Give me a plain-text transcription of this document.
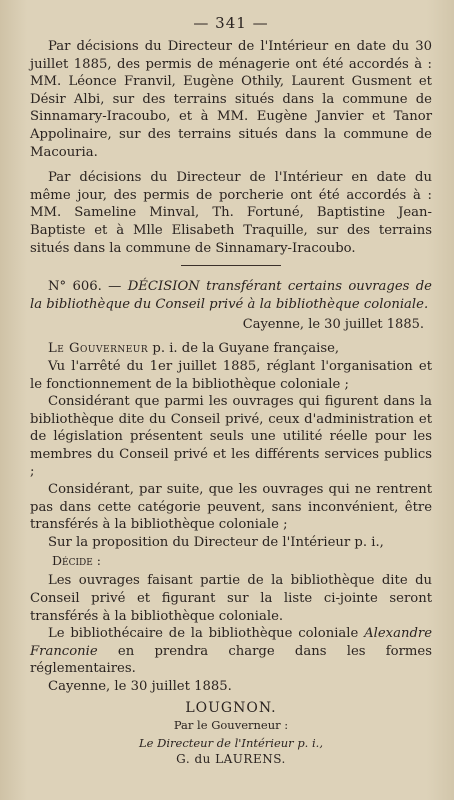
— 341 —

Par décisions du Directeur de l'Intérieur en date du 30 juillet 1885, des permis de ménagerie ont été accordés à : MM. Léonce Franvil, Eugène Othily, Laurent Gusment et Désir Albi, sur des terrains situés dans la commune de Sinnamary-Iracoubo, et à MM. Eugène Janvier et Tanor Appolinaire, sur des terrains situés dans la commune de Macouria.

Par décisions du Directeur de l'Intérieur en date du même jour, des permis de porcherie ont été accordés à : MM. Sameline Minval, Th. Fortuné, Baptistine Jean-Baptiste et à Mlle Elisabeth Traquille, sur des terrains situés dans la commune de Sinnamary-Iracoubo.

N° 606. — DÉCISION transférant certains ouvrages de la bibliothèque du Conseil privé à la bibliothèque coloniale.

Cayenne, le 30 juillet 1885.

Le Gouverneur p. i. de la Guyane française,

Vu l'arrêté du 1er juillet 1885, réglant l'organisation et le fonctionnement de la bibliothèque coloniale ;

Considérant que parmi les ouvrages qui figurent dans la bibliothèque dite du Conseil privé, ceux d'administration et de législation présentent seuls une utilité réelle pour les membres du Conseil privé et les différents services publics ;

Considérant, par suite, que les ouvrages qui ne rentrent pas dans cette catégorie peuvent, sans inconvénient, être transférés à la bibliothèque coloniale ;

Sur la proposition du Directeur de l'Intérieur p. i.,

Décide :

Les ouvrages faisant partie de la bibliothèque dite du Conseil privé et figurant sur la liste ci-jointe seront transférés à la bibliothèque coloniale.

Le bibliothécaire de la bibliothèque coloniale Alexandre Franconie en prendra charge dans les formes réglementaires.

Cayenne, le 30 juillet 1885.

LOUGNON.
Par le Gouverneur :
Le Directeur de l'Intérieur p. i.,
G. du LAURENS.
